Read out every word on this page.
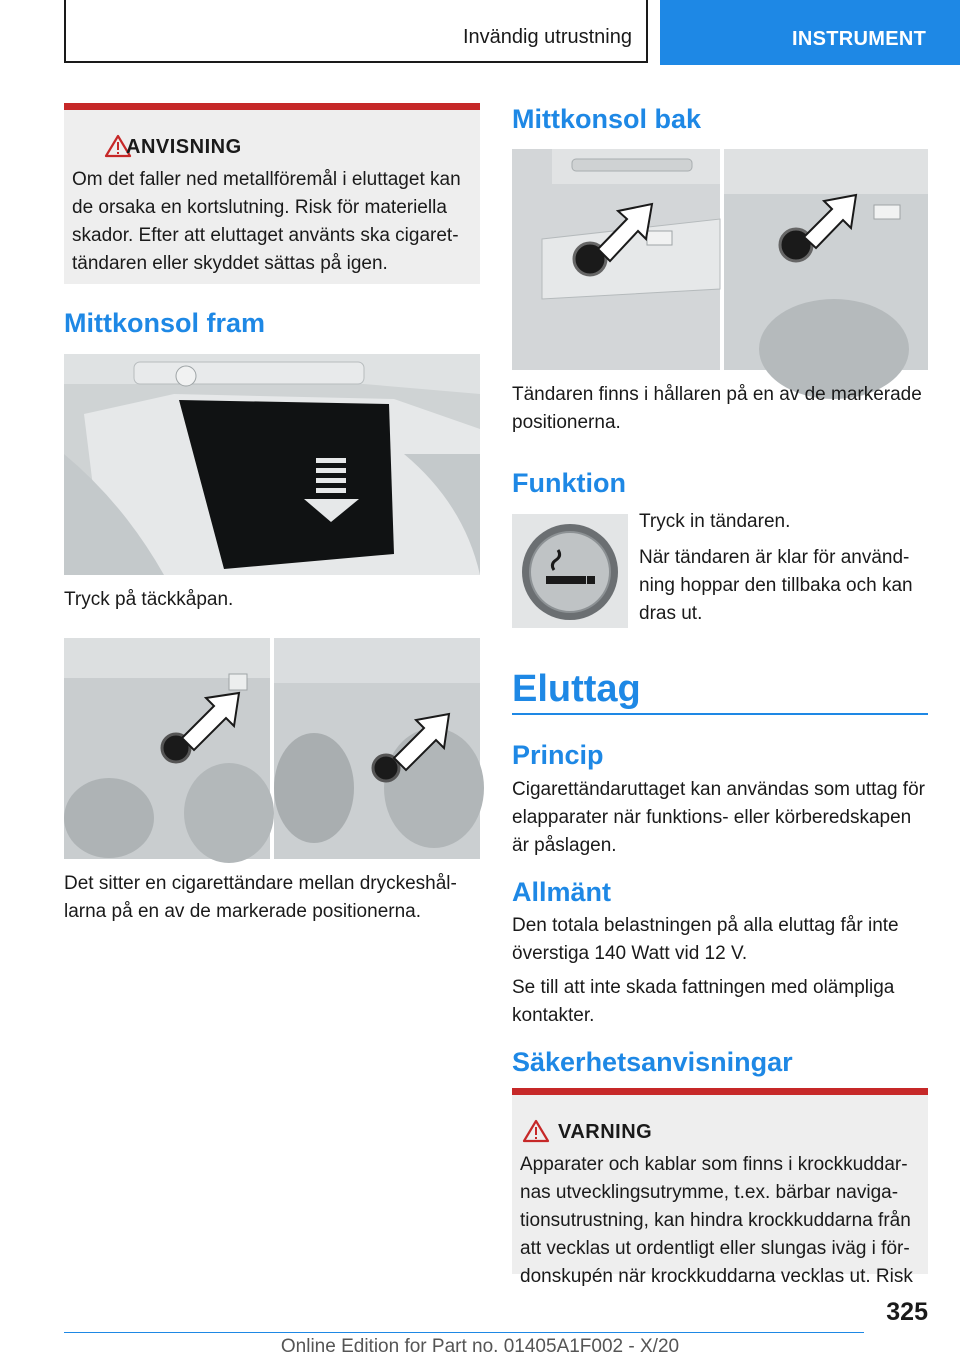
Invändig utrustning	INSTRUMENT
ANVISNING
Om det faller ned metallföremål i eluttaget kan
de orsaka en kortslutning. Risk för materiella
skador. Efter att eluttaget använts ska cigaret‐
tändaren eller skyddet sättas på igen.
Mittkonsol fram
Tryck på täckkåpan.
Det sitter en cigarettändare mellan dryckeshål‐
larna på en av de markerade positionerna.
Mittkonsol bak
Tändaren finns i hållaren på en av de markerade
positionerna.
Funktion
Tryck in tändaren.
När tändaren är klar för använd‐
ning hoppar den tillbaka och kan
dras ut.
Eluttag
Princip
Cigarettändaruttaget kan användas som uttag för
elapparater när funktions- eller körberedskapen
är påslagen.
Allmänt
Den totala belastningen på alla eluttag får inte
överstiga 140 Watt vid 12 V.
Se till att inte skada fattningen med olämpliga
kontakter.
Säkerhetsanvisningar
VARNING
Apparater och kablar som finns i krockkuddar‐
nas utvecklingsutrymme, t.ex. bärbar naviga‐
tionsutrustning, kan hindra krockkuddarna från
att vecklas ut ordentligt eller slungas iväg i för‐
donskupén när krockkuddarna vecklas ut. Risk
325
Online Edition for Part no. 01405A1F002 - X/20
